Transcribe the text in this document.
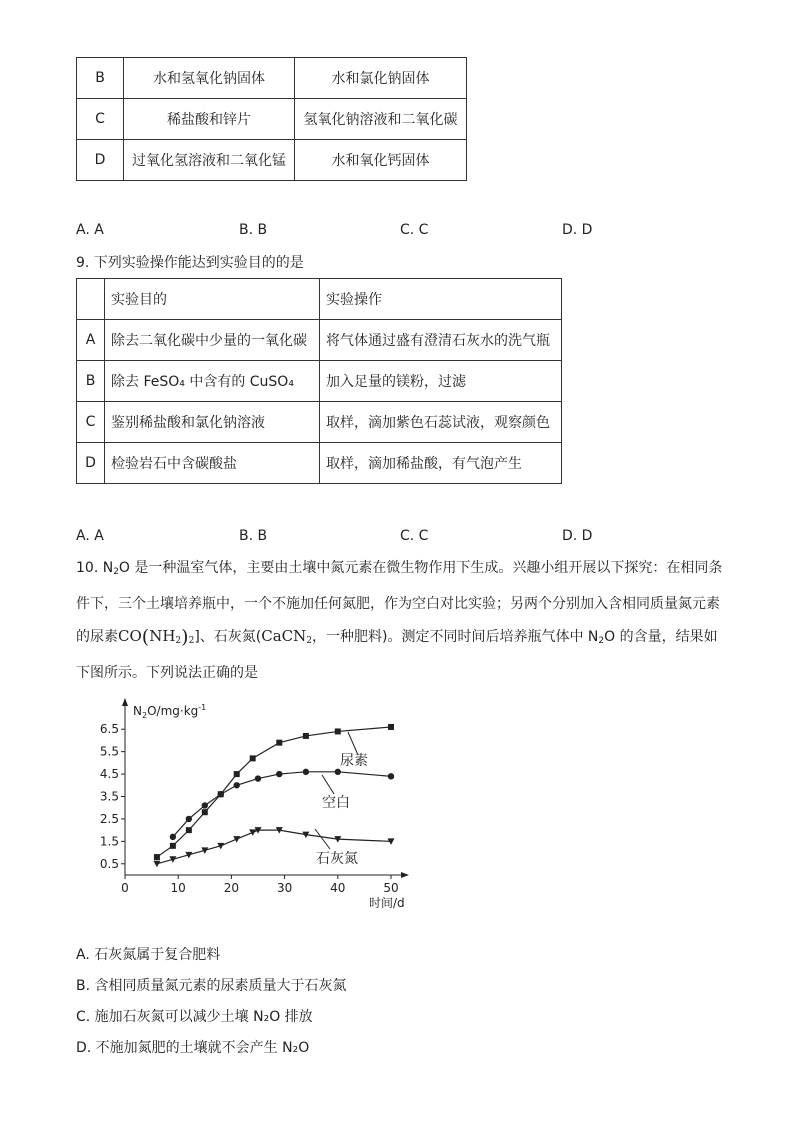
B	水和氢氧化钠固体	水和氯化钠固体
C	稀盐酸和锌片	氢氧化钠溶液和二氧化碳
D	过氧化氢溶液和二氧化锰	水和氧化钙固体
A. A	B. B	C. C	D. D
9. 下列实验操作能达到实验目的的是
	实验目的	实验操作
A	除去二氧化碳中少量的一氧化碳	将气体通过盛有澄清石灰水的洗气瓶
B	除去 FeSO₄ 中含有的 CuSO₄	加入足量的镁粉，过滤
C	鉴别稀盐酸和氯化钠溶液	取样，滴加紫色石蕊试液，观察颜色
D	检验岩石中含碳酸盐	取样，滴加稀盐酸，有气泡产生
A. A	B. B	C. C	D. D
10. $N_2O$ 是一种温室气体，主要由土壤中氮元素在微生物作用下生成。兴趣小组开展以下探究：在相同条
件下，三个土壤培养瓶中，一个不施加任何氮肥，作为空白对比实验；另两个分别加入含相同质量氮元素
的尿素$CO(NH_2)_2$]、石灰氮(CaCN$_2$，一种肥料)。测定不同时间后培养瓶气体中 $N_2O$ 的含量，结果如
下图所示。下列说法正确的是
$N_2O/mg\cdot kg^{-1}$
时间/d
0	10	20	30	40	50
0.5
1.5
2.5
3.5
4.5
5.5
6.5
尿素
空白
石灰氮
A. 石灰氮属于复合肥料
B. 含相同质量氮元素的尿素质量大于石灰氮
C. 施加石灰氮可以减少土壤 N₂O 排放
D. 不施加氮肥的土壤就不会产生 N₂O
